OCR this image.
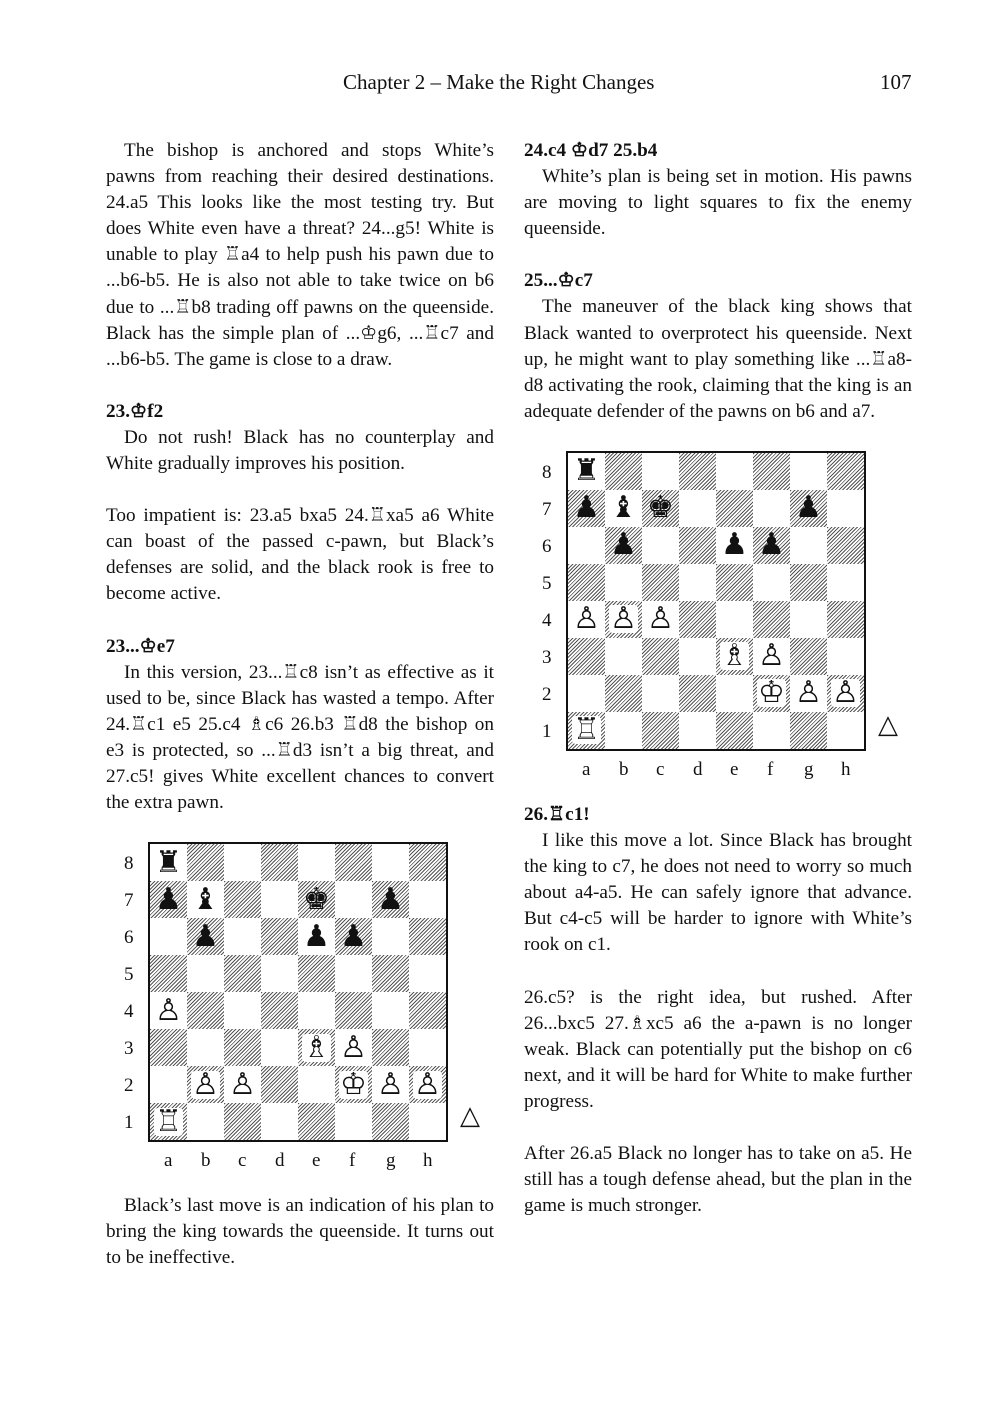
Chapter 2 – Make the Right Changes	107

The bishop is anchored and stops White’s pawns from reaching their desired destinations. 24.a5 This looks like the most testing try. But does White even have a threat? 24...g5! White is unable to play ♖a4 to help push his pawn due to ...b6-b5. He is also not able to take twice on b6 due to ...♖b8 trading off pawns on the queenside. Black has the simple plan of ...♔g6, ...♖c7 and ...b6-b5. The game is close to a draw.

23.♔f2

Do not rush! Black has no counterplay and White gradually improves his position.

Too impatient is: 23.a5 bxa5 24.♖xa5 a6 White can boast of the passed c-pawn, but Black’s defenses are solid, and the black rook is free to become active.

23...♔e7

In this version, 23...♖c8 isn’t as effective as it used to be, since Black has wasted a tempo. After 24.♖c1 e5 25.c4 ♗c6 26.b3 ♖d8 the bishop on e3 is protected, so ...♖d3 isn’t a big threat, and 27.c5! gives White excellent chances to convert the extra pawn.

♜
♟ ♝	♚ ♟
♟	♟ ♟
♙
♗ ♙
♙ ♙	♔ ♙ ♙
♖
8
7
6
5
4
3
2
1
a b c d e f g h
△

Black’s last move is an indication of his plan to bring the king towards the queenside. It turns out to be ineffective.

24.c4 ♔d7 25.b4

White’s plan is being set in motion. His pawns are moving to light squares to fix the enemy queenside.

25...♔c7

The maneuver of the black king shows that Black wanted to overprotect his queenside. Next up, he might want to play something like ...♖a8-d8 activating the rook, claiming that the king is an adequate defender of the pawns on b6 and a7.

♜
♟ ♝ ♚	♟
♟	♟ ♟
♙ ♙ ♙
♗ ♙
♔ ♙ ♙
♖
8
7
6
5
4
3
2
1
a b c d e f g h
△

26.♖c1!

I like this move a lot. Since Black has brought the king to c7, he does not need to worry so much about a4-a5. He can safely ignore that advance. But c4-c5 will be harder to ignore with White’s rook on c1.

26.c5? is the right idea, but rushed. After 26...bxc5 27.♗xc5 a6 the a-pawn is no longer weak. Black can potentially put the bishop on c6 next, and it will be hard for White to make further progress.

After 26.a5 Black no longer has to take on a5. He still has a tough defense ahead, but the plan in the game is much stronger.
